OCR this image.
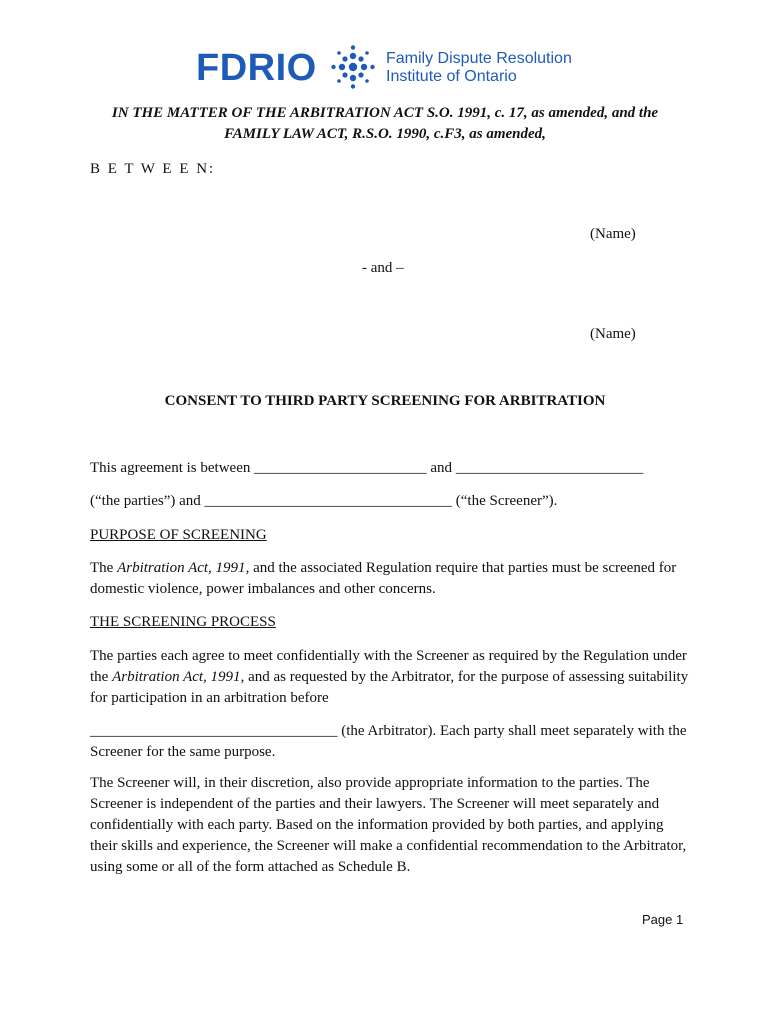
FDRIO	Family Dispute Resolution
Institute of Ontario
IN THE MATTER OF THE ARBITRATION ACT S.O. 1991, c. 17, as amended, and the
FAMILY LAW ACT, R.S.O. 1990, c.F3, as amended,
B E T W E E N:
(Name)
- and –
(Name)
CONSENT TO THIRD PARTY SCREENING FOR ARBITRATION
This agreement is between _______________________ and _________________________
(“the parties”) and _________________________________ (“the Screener”).
PURPOSE OF SCREENING
The Arbitration Act, 1991, and the associated Regulation require that parties must be screened for domestic violence, power imbalances and other concerns.
THE SCREENING PROCESS
The parties each agree to meet confidentially with the Screener as required by the Regulation under the Arbitration Act, 1991, and as requested by the Arbitrator, for the purpose of assessing suitability for participation in an arbitration before
_________________________________ (the Arbitrator). Each party shall meet separately with the Screener for the same purpose.
The Screener will, in their discretion, also provide appropriate information to the parties. The Screener is independent of the parties and their lawyers. The Screener will meet separately and confidentially with each party. Based on the information provided by both parties, and applying their skills and experience, the Screener will make a confidential recommendation to the Arbitrator, using some or all of the form attached as Schedule B.
Page 1
